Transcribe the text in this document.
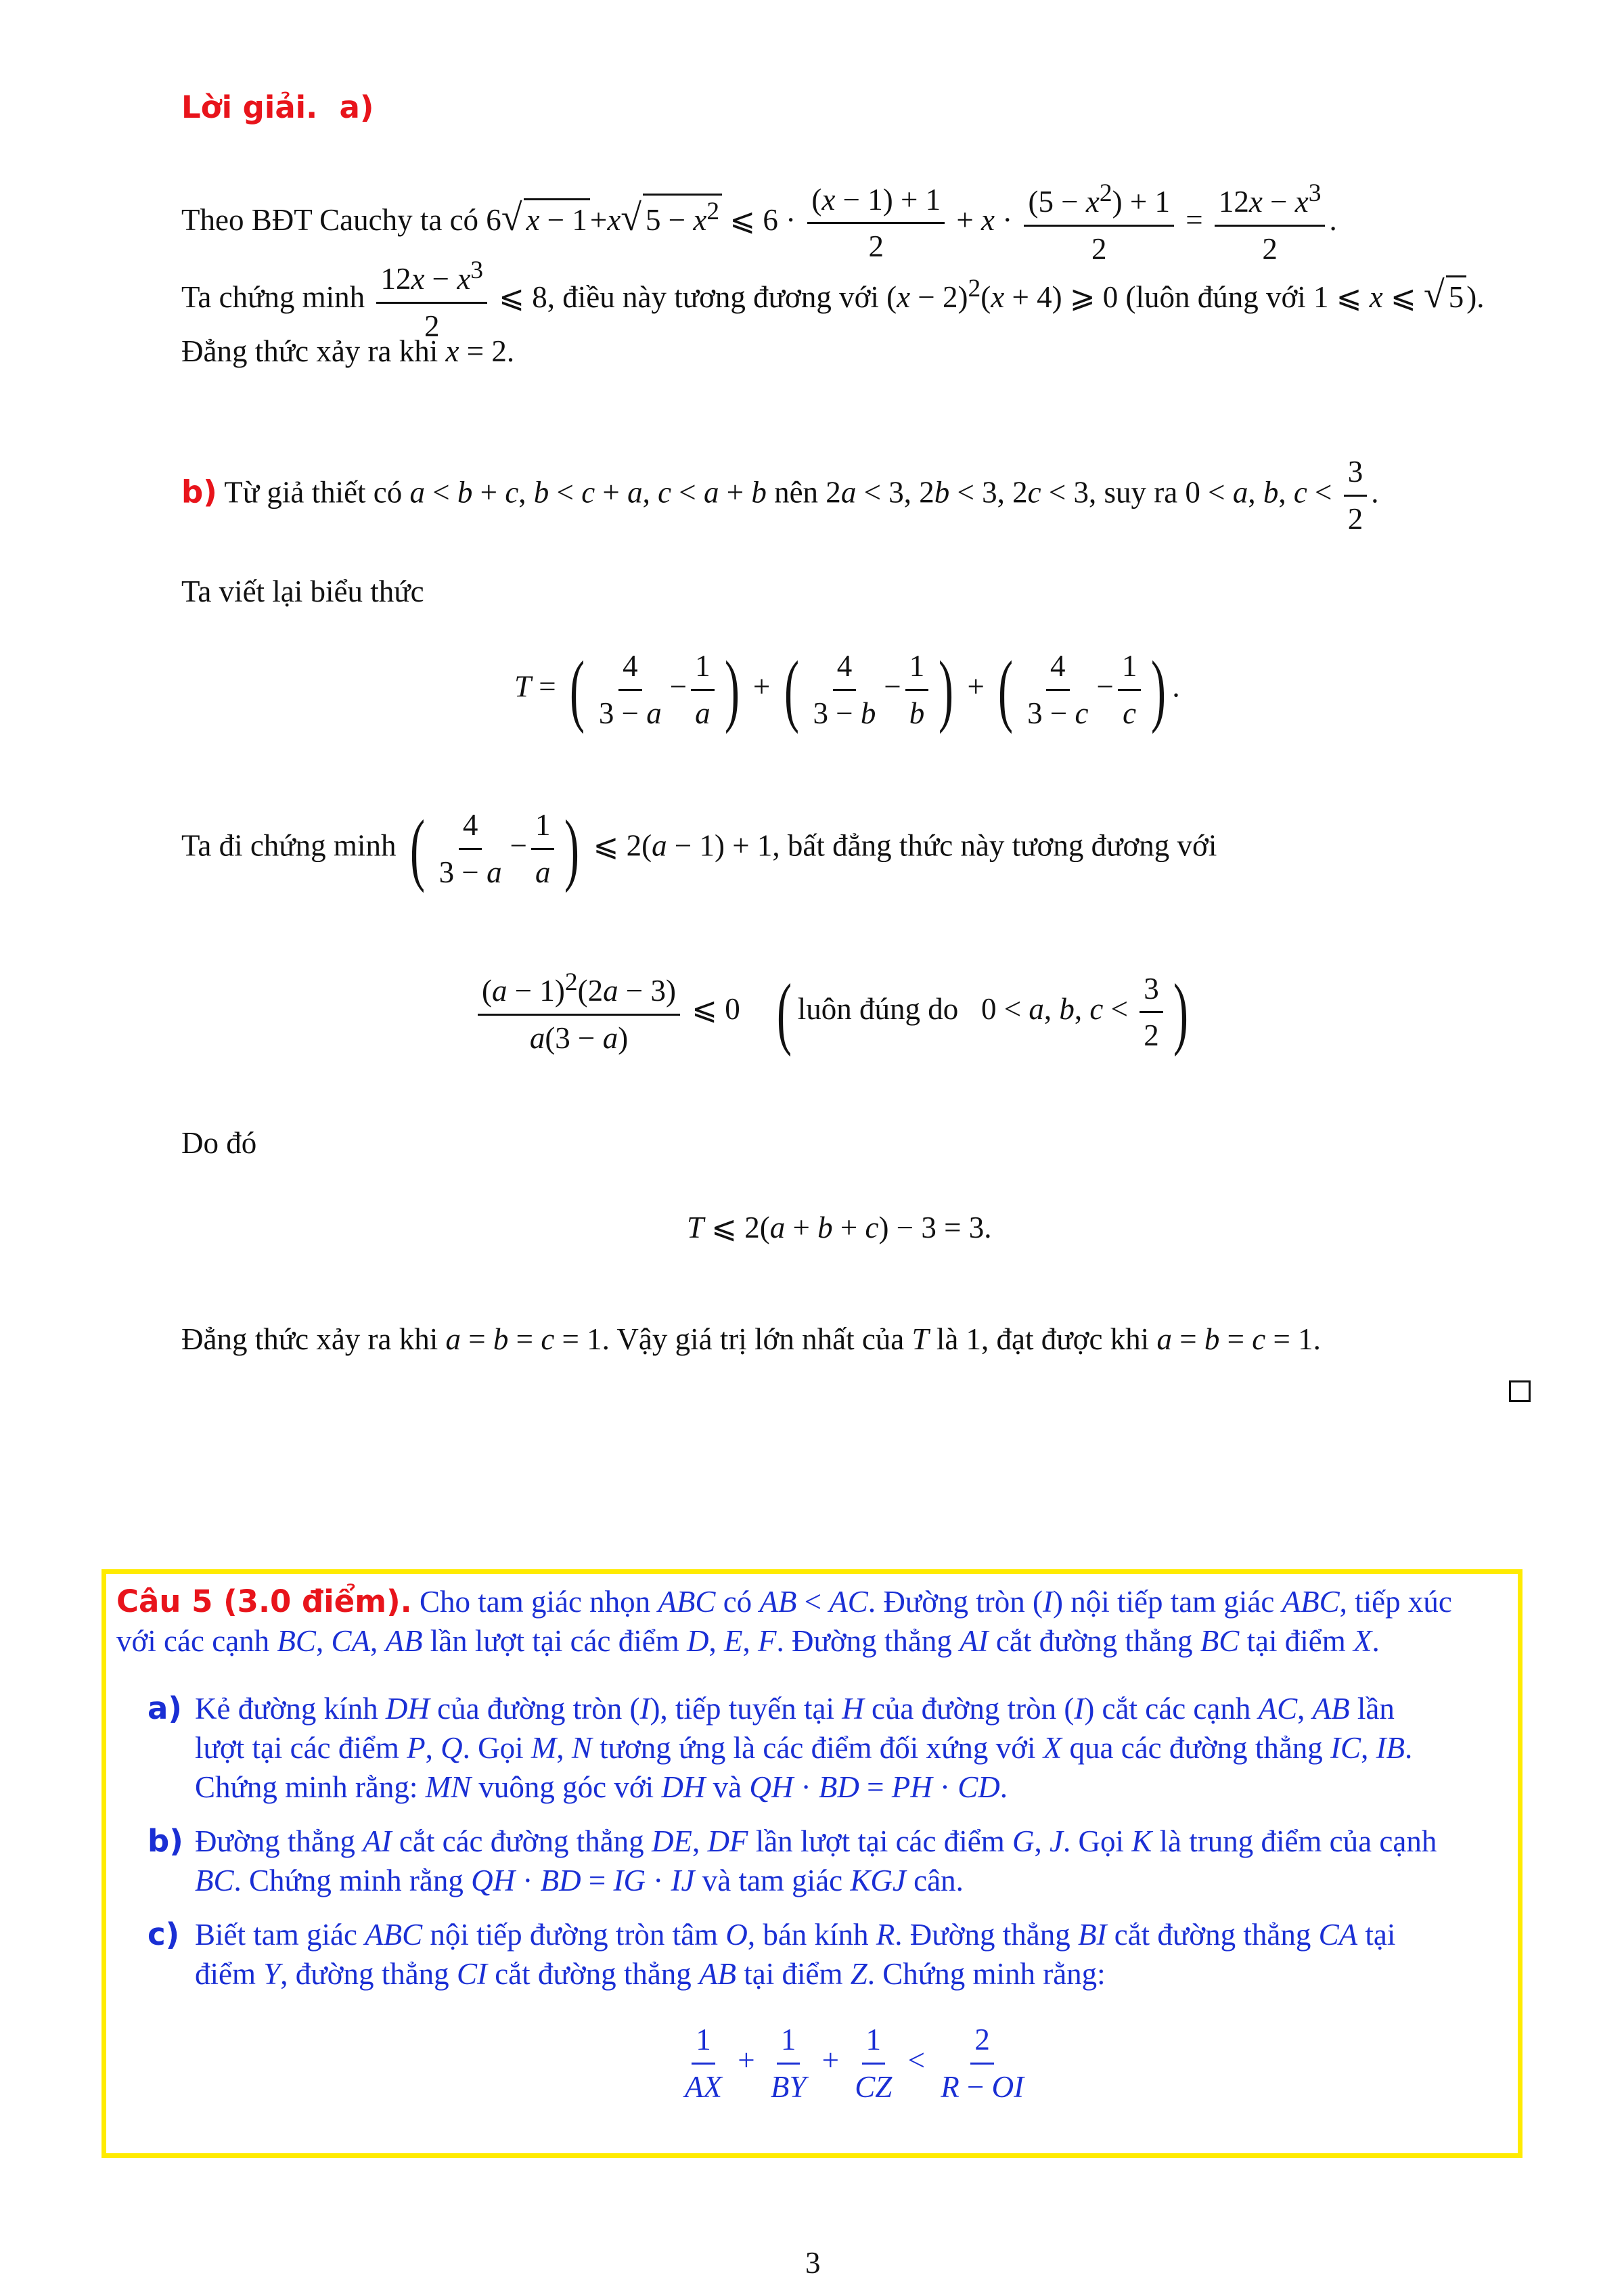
Lời giải. a)
Theo BĐT Cauchy ta có 6√ x − 1+x√ $5 - x^2$ ⩽ $6 \cdot \frac{(x - 1) + 1}{2} + x \cdot \frac{(5 - x^2) + 1}{2} = \frac{12x - x^3}{2}$ .
Ta chứng minh $\frac{12x - x^3}{2}$ ⩽ 8, điều này tương đương với $(x - 2)^2(x + 4)$ ⩾ 0 (luôn đúng với 1 ⩽ x ⩽ √ 5).
Đẳng thức xảy ra khi x = 2.
b) Từ giả thiết có a < b + c, b < c + a, c < a + b nên 2a < 3, 2b < 3, 2c < 3, suy ra 0 < a, b, $c < \frac{3}{2}$ .
Ta viết lại biểu thức
T = ( $\frac{4}{3 - a} - \frac{1}{a}$ ) + ( $\frac{4}{3 - b} - \frac{1}{b}$ ) + ( $\frac{4}{3 - c} - \frac{1}{c}$ ) .
Ta đi chứng minh ( $\frac{4}{3 - a} - \frac{1}{a}$ ) ⩽ 2(a − 1) + 1, bất đẳng thức này tương đương với
$\frac{(a - 1)^2(2a - 3)}{a(3 - a)}$ ⩽ 0    ( luôn đúng do   0 < a, b, $c < \frac{3}{2}$ )
Do đó
T ⩽ 2(a + b + c) − 3 = 3.
Đẳng thức xảy ra khi a = b = c = 1. Vậy giá trị lớn nhất của T là 1, đạt được khi a = b = c = 1.
Câu 5 (3.0 điểm). Cho tam giác nhọn ABC có AB < AC. Đường tròn (I) nội tiếp tam giác ABC, tiếp xúc
với các cạnh BC, CA, AB lần lượt tại các điểm D, E, F. Đường thẳng AI cắt đường thẳng BC tại điểm X.
a) Kẻ đường kính DH của đường tròn (I), tiếp tuyến tại H của đường tròn (I) cắt các cạnh AC, AB lần
lượt tại các điểm P, Q. Gọi M, N tương ứng là các điểm đối xứng với X qua các đường thẳng IC, IB.
Chứng minh rằng: MN vuông góc với DH và QH · BD = PH · CD.
b) Đường thẳng AI cắt các đường thẳng DE, DF lần lượt tại các điểm G, J. Gọi K là trung điểm của cạnh
BC. Chứng minh rằng QH · BD = IG · IJ và tam giác KGJ cân.
c) Biết tam giác ABC nội tiếp đường tròn tâm O, bán kính R. Đường thẳng BI cắt đường thẳng CA tại
điểm Y, đường thẳng CI cắt đường thẳng AB tại điểm Z. Chứng minh rằng:
$\frac{1}{AX} + \frac{1}{BY} + \frac{1}{CZ} < \frac{2}{R - OI}$
3
